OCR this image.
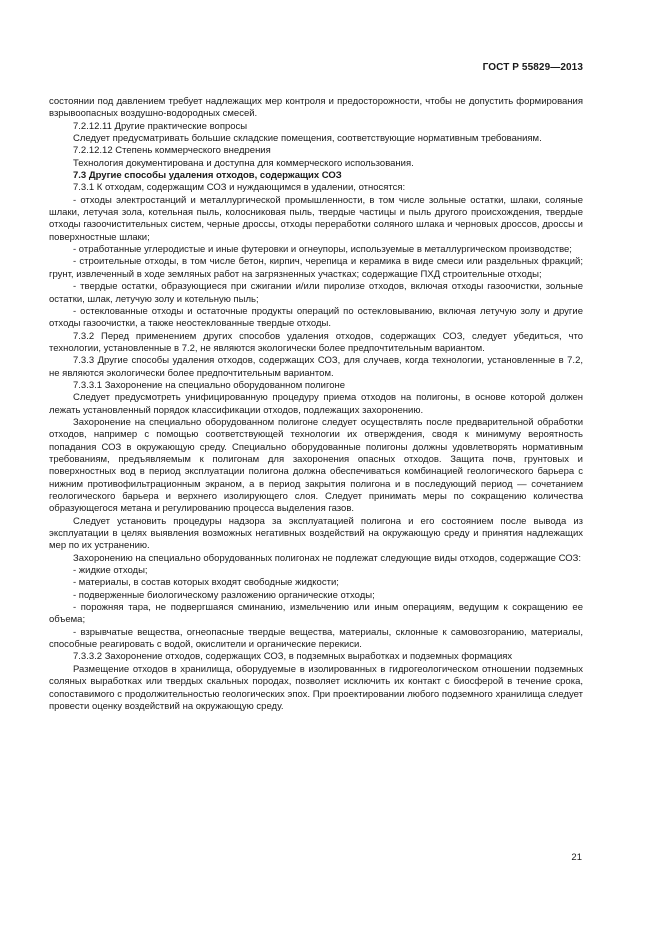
ГОСТ Р 55829—2013

состоянии под давлением требует надлежащих мер контроля и предосторожности, чтобы не допустить формирования взрывоопасных воздушно-водородных смесей.

7.2.12.11 Другие практические вопросы

Следует предусматривать большие складские помещения, соответствующие нормативным требованиям.

7.2.12.12 Степень коммерческого внедрения

Технология документирована и доступна для коммерческого использования.

7.3 Другие способы удаления отходов, содержащих СОЗ

7.3.1 К отходам, содержащим СОЗ и нуждающимся в удалении, относятся:

- отходы электростанций и металлургической промышленности, в том числе зольные остатки, шлаки, соляные шлаки, летучая зола, котельная пыль, колосниковая пыль, твердые частицы и пыль другого происхождения, твердые отходы газоочистительных систем, черные дроссы, отходы переработки соляного шлака и черновых дроссов, дроссы и поверхностные шлаки;

- отработанные углеродистые и иные футеровки и огнеупоры, используемые в металлургическом производстве;

- строительные отходы, в том числе бетон, кирпич, черепица и керамика в виде смеси или раздельных фракций; грунт, извлеченный в ходе земляных работ на загрязненных участках; содержащие ПХД строительные отходы;

- твердые остатки, образующиеся при сжигании и/или пиролизе отходов, включая отходы газоочистки, зольные остатки, шлак, летучую золу и котельную пыль;

- остеклованные отходы и остаточные продукты операций по остекловыванию, включая летучую золу и другие отходы газоочистки, а также неостеклованные твердые отходы.

7.3.2 Перед применением других способов удаления отходов, содержащих СОЗ, следует убедиться, что технологии, установленные в 7.2, не являются экологически более предпочтительным вариантом.

7.3.3 Другие способы удаления отходов, содержащих СОЗ, для случаев, когда технологии, установленные в 7.2, не являются экологически более предпочтительным вариантом.

7.3.3.1 Захоронение на специально оборудованном полигоне

Следует предусмотреть унифицированную процедуру приема отходов на полигоны, в основе которой должен лежать установленный порядок классификации отходов, подлежащих захоронению.

Захоронение на специально оборудованном полигоне следует осуществлять после предварительной обработки отходов, например с помощью соответствующей технологии их отверждения, сводя к минимуму вероятность попадания СОЗ в окружающую среду. Специально оборудованные полигоны должны удовлетворять нормативным требованиям, предъявляемым к полигонам для захоронения опасных отходов. Защита почв, грунтовых и поверхностных вод в период эксплуатации полигона должна обеспечиваться комбинацией геологического барьера с нижним противофильтрационным экраном, а в период закрытия полигона и в последующий период — сочетанием геологического барьера и верхнего изолирующего слоя. Следует принимать меры по сокращению количества образующегося метана и регулированию процесса выделения газов.

Следует установить процедуры надзора за эксплуатацией полигона и его состоянием после вывода из эксплуатации в целях выявления возможных негативных воздействий на окружающую среду и принятия надлежащих мер по их устранению.

Захоронению на специально оборудованных полигонах не подлежат следующие виды отходов, содержащие СОЗ:

- жидкие отходы;

- материалы, в состав которых входят свободные жидкости;

- подверженные биологическому разложению органические отходы;

- порожняя тара, не подвергшаяся сминанию, измельчению или иным операциям, ведущим к сокращению ее объема;

- взрывчатые вещества, огнеопасные твердые вещества, материалы, склонные к самовозгоранию, материалы, способные реагировать с водой, окислители и органические перекиси.

7.3.3.2 Захоронение отходов, содержащих СОЗ, в подземных выработках и подземных формациях

Размещение отходов в хранилища, оборудуемые в изолированных в гидрогеологическом отношении подземных соляных выработках или твердых скальных породах, позволяет исключить их контакт с биосферой в течение срока, сопоставимого с продолжительностью геологических эпох. При проектировании любого подземного хранилища следует провести оценку воздействий на окружающую среду.

21
